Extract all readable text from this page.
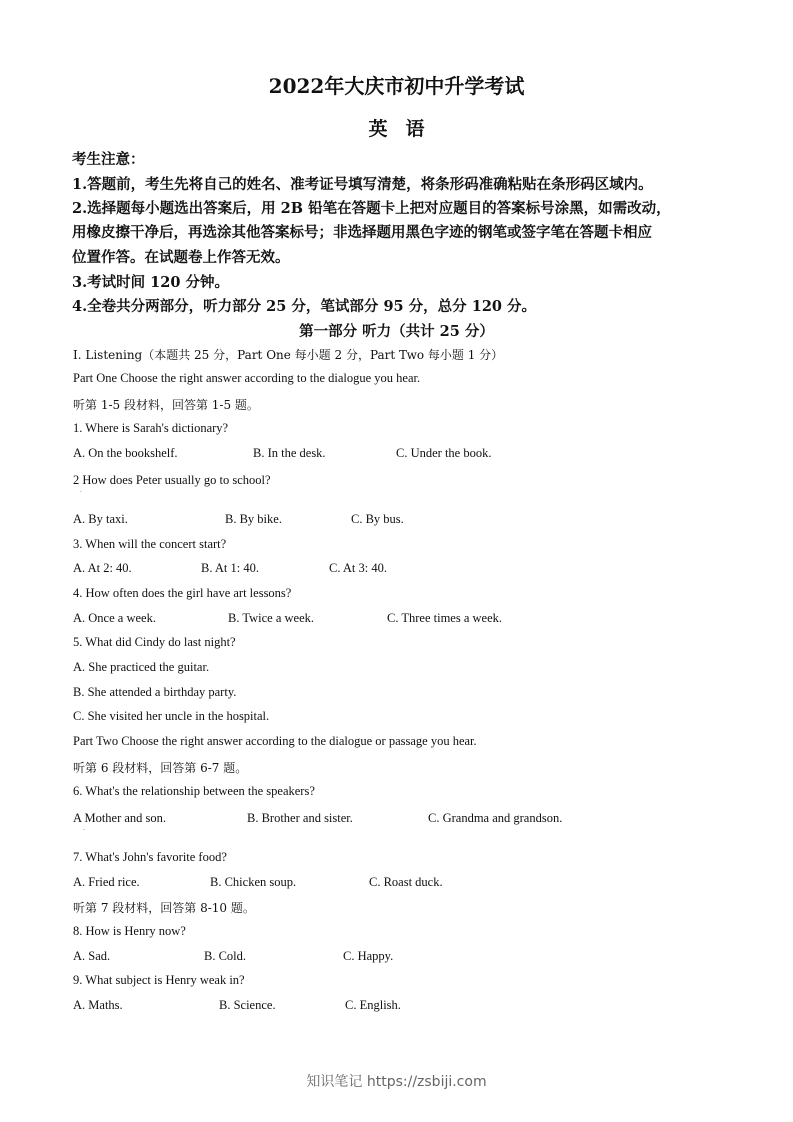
2022年大庆市初中升学考试
英语
考生注意：
1.答题前，考生先将自己的姓名、准考证号填写清楚，将条形码准确粘贴在条形码区域内。
2.选择题每小题选出答案后，用 2B 铅笔在答题卡上把对应题目的答案标号涂黑，如需改动，
用橡皮擦干净后，再选涂其他答案标号；非选择题用黑色字迹的钢笔或签字笔在答题卡相应
位置作答。在试题卷上作答无效。
3.考试时间 120 分钟。
4.全卷共分两部分，听力部分 25 分，笔试部分 95 分，总分 120 分。
第一部分 听力（共计 25 分）
I. Listening（本题共 25 分，Part One 每小题 2 分，Part Two 每小题 1 分）
Part One Choose the right answer according to the dialogue you hear.
听第 1-5 段材料，回答第 1-5 题。
1. Where is Sarah's dictionary?
A. On the bookshelf.	B. In the desk.	C. Under the book.
2 How does Peter usually go to school?
·
A. By taxi.	B. By bike.	C. By bus.
3. When will the concert start?
A. At 2: 40.	B. At 1: 40.	C. At 3: 40.
4. How often does the girl have art lessons?
A. Once a week.	B. Twice a week.	C. Three times a week.
5. What did Cindy do last night?
A. She practiced the guitar.
B. She attended a birthday party.
C. She visited her uncle in the hospital.
Part Two Choose the right answer according to the dialogue or passage you hear.
听第 6 段材料，回答第 6-7 题。
6. What's the relationship between the speakers?
A Mother and son.	B. Brother and sister.	C. Grandma and grandson.
·
7. What's John's favorite food?
A. Fried rice.	B. Chicken soup.	C. Roast duck.
听第 7 段材料，回答第 8-10 题。
8. How is Henry now?
A. Sad.	B. Cold.	C. Happy.
9. What subject is Henry weak in?
A. Maths.	B. Science.	C. English.
知识笔记 https://zsbiji.com
